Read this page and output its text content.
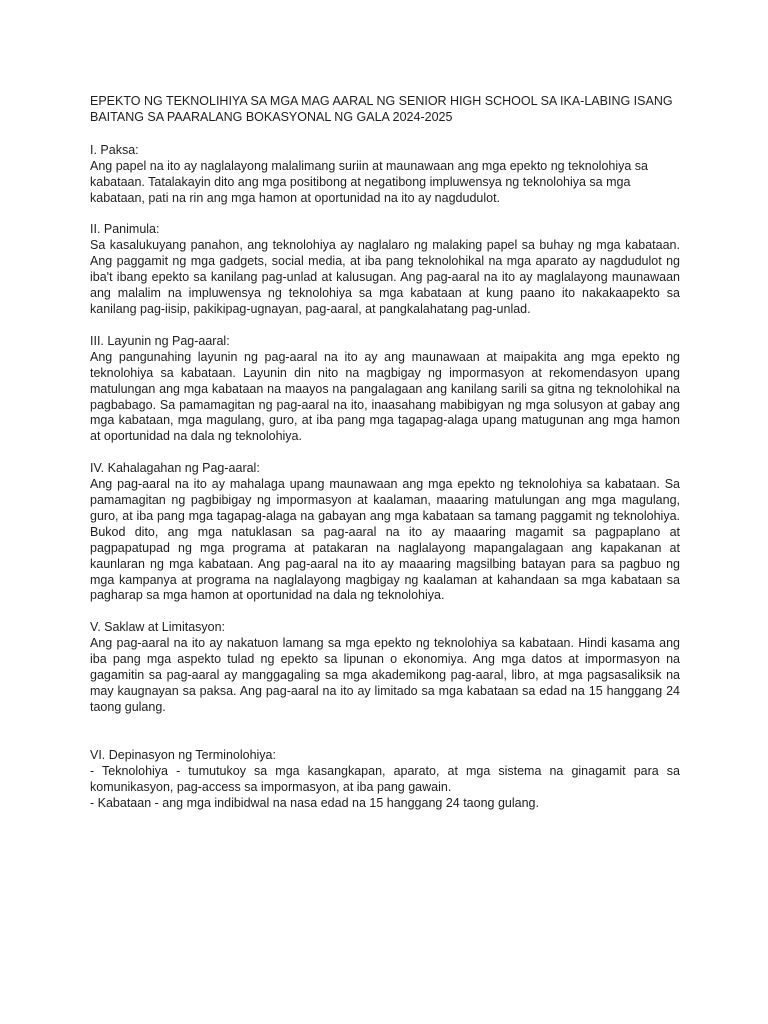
EPEKTO NG TEKNOLIHIYA SA MGA MAG AARAL NG SENIOR HIGH SCHOOL SA IKA-LABING ISANG BAITANG SA PAARALANG BOKASYONAL NG GALA 2024-2025

I. Paksa:

Ang papel na ito ay naglalayong malalimang suriin at maunawaan ang mga epekto ng teknolohiya sa kabataan. Tatalakayin dito ang mga positibong at negatibong impluwensya ng teknolohiya sa mga kabataan, pati na rin ang mga hamon at oportunidad na ito ay nagdudulot.

II. Panimula:

Sa kasalukuyang panahon, ang teknolohiya ay naglalaro ng malaking papel sa buhay ng mga kabataan. Ang paggamit ng mga gadgets, social media, at iba pang teknolohikal na mga aparato ay nagdudulot ng iba't ibang epekto sa kanilang pag-unlad at kalusugan. Ang pag-aaral na ito ay maglalayong maunawaan ang malalim na impluwensya ng teknolohiya sa mga kabataan at kung paano ito nakakaapekto sa kanilang pag-iisip, pakikipag-ugnayan, pag-aaral, at pangkalahatang pag-unlad.

III. Layunin ng Pag-aaral:

Ang pangunahing layunin ng pag-aaral na ito ay ang maunawaan at maipakita ang mga epekto ng teknolohiya sa kabataan. Layunin din nito na magbigay ng impormasyon at rekomendasyon upang matulungan ang mga kabataan na maayos na pangalagaan ang kanilang sarili sa gitna ng teknolohikal na pagbabago. Sa pamamagitan ng pag-aaral na ito, inaasahang mabibigyan ng mga solusyon at gabay ang mga kabataan, mga magulang, guro, at iba pang mga tagapag-alaga upang matugunan ang mga hamon at oportunidad na dala ng teknolohiya.

IV. Kahalagahan ng Pag-aaral:

Ang pag-aaral na ito ay mahalaga upang maunawaan ang mga epekto ng teknolohiya sa kabataan. Sa pamamagitan ng pagbibigay ng impormasyon at kaalaman, maaaring matulungan ang mga magulang, guro, at iba pang mga tagapag-alaga na gabayan ang mga kabataan sa tamang paggamit ng teknolohiya. Bukod dito, ang mga natuklasan sa pag-aaral na ito ay maaaring magamit sa pagpaplano at pagpapatupad ng mga programa at patakaran na naglalayong mapangalagaan ang kapakanan at kaunlaran ng mga kabataan. Ang pag-aaral na ito ay maaaring magsilbing batayan para sa pagbuo ng mga kampanya at programa na naglalayong magbigay ng kaalaman at kahandaan sa mga kabataan sa pagharap sa mga hamon at oportunidad na dala ng teknolohiya.

V. Saklaw at Limitasyon:

Ang pag-aaral na ito ay nakatuon lamang sa mga epekto ng teknolohiya sa kabataan. Hindi kasama ang iba pang mga aspekto tulad ng epekto sa lipunan o ekonomiya. Ang mga datos at impormasyon na gagamitin sa pag-aaral ay manggagaling sa mga akademikong pag-aaral, libro, at mga pagsasaliksik na may kaugnayan sa paksa. Ang pag-aaral na ito ay limitado sa mga kabataan sa edad na 15 hanggang 24 taong gulang.

VI. Depinasyon ng Terminolohiya:

- Teknolohiya - tumutukoy sa mga kasangkapan, aparato, at mga sistema na ginagamit para sa komunikasyon, pag-access sa impormasyon, at iba pang gawain.
- Kabataan - ang mga indibidwal na nasa edad na 15 hanggang 24 taong gulang.
